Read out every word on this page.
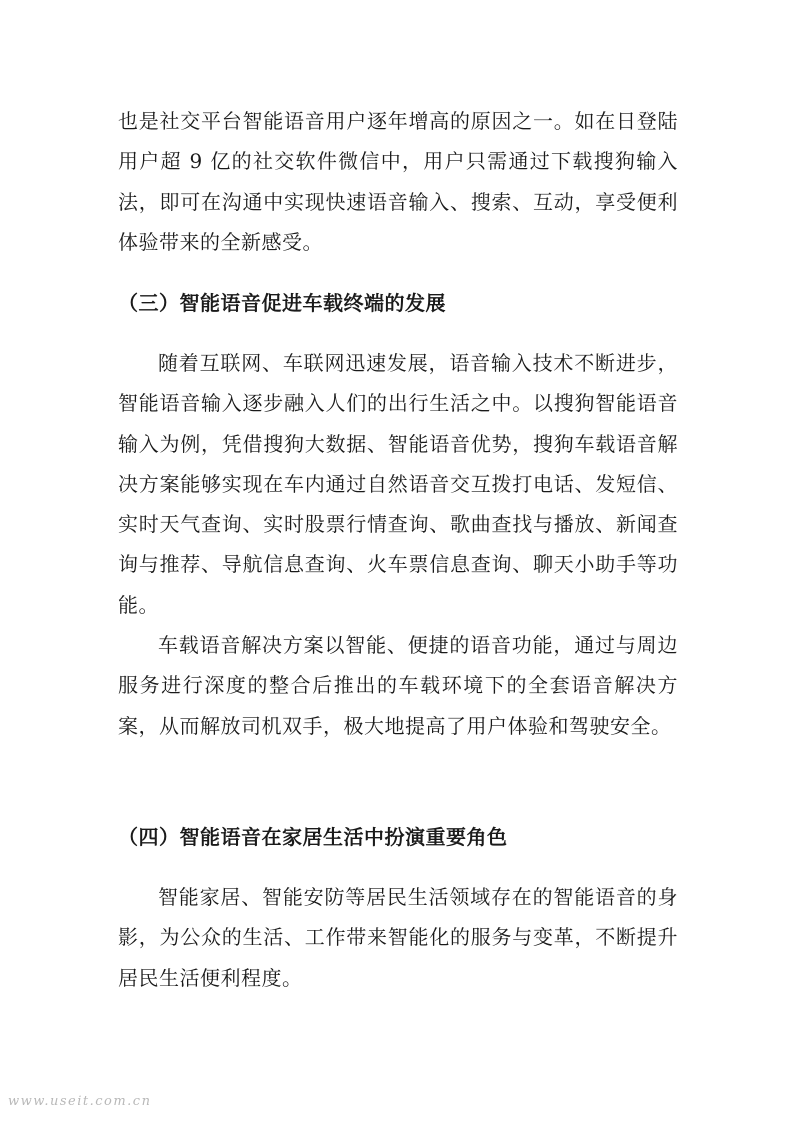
也是社交平台智能语音用户逐年增高的原因之一。如在日登陆用户超 9 亿的社交软件微信中，用户只需通过下载搜狗输入法，即可在沟通中实现快速语音输入、搜索、互动，享受便利体验带来的全新感受。

（三）智能语音促进车载终端的发展

随着互联网、车联网迅速发展，语音输入技术不断进步，智能语音输入逐步融入人们的出行生活之中。以搜狗智能语音输入为例，凭借搜狗大数据、智能语音优势，搜狗车载语音解决方案能够实现在车内通过自然语音交互拨打电话、发短信、实时天气查询、实时股票行情查询、歌曲查找与播放、新闻查询与推荐、导航信息查询、火车票信息查询、聊天小助手等功能。

车载语音解决方案以智能、便捷的语音功能，通过与周边服务进行深度的整合后推出的车载环境下的全套语音解决方案，从而解放司机双手，极大地提高了用户体验和驾驶安全。

（四）智能语音在家居生活中扮演重要角色

智能家居、智能安防等居民生活领域存在的智能语音的身影，为公众的生活、工作带来智能化的服务与变革，不断提升居民生活便利程度。

www.useit.com.cn
